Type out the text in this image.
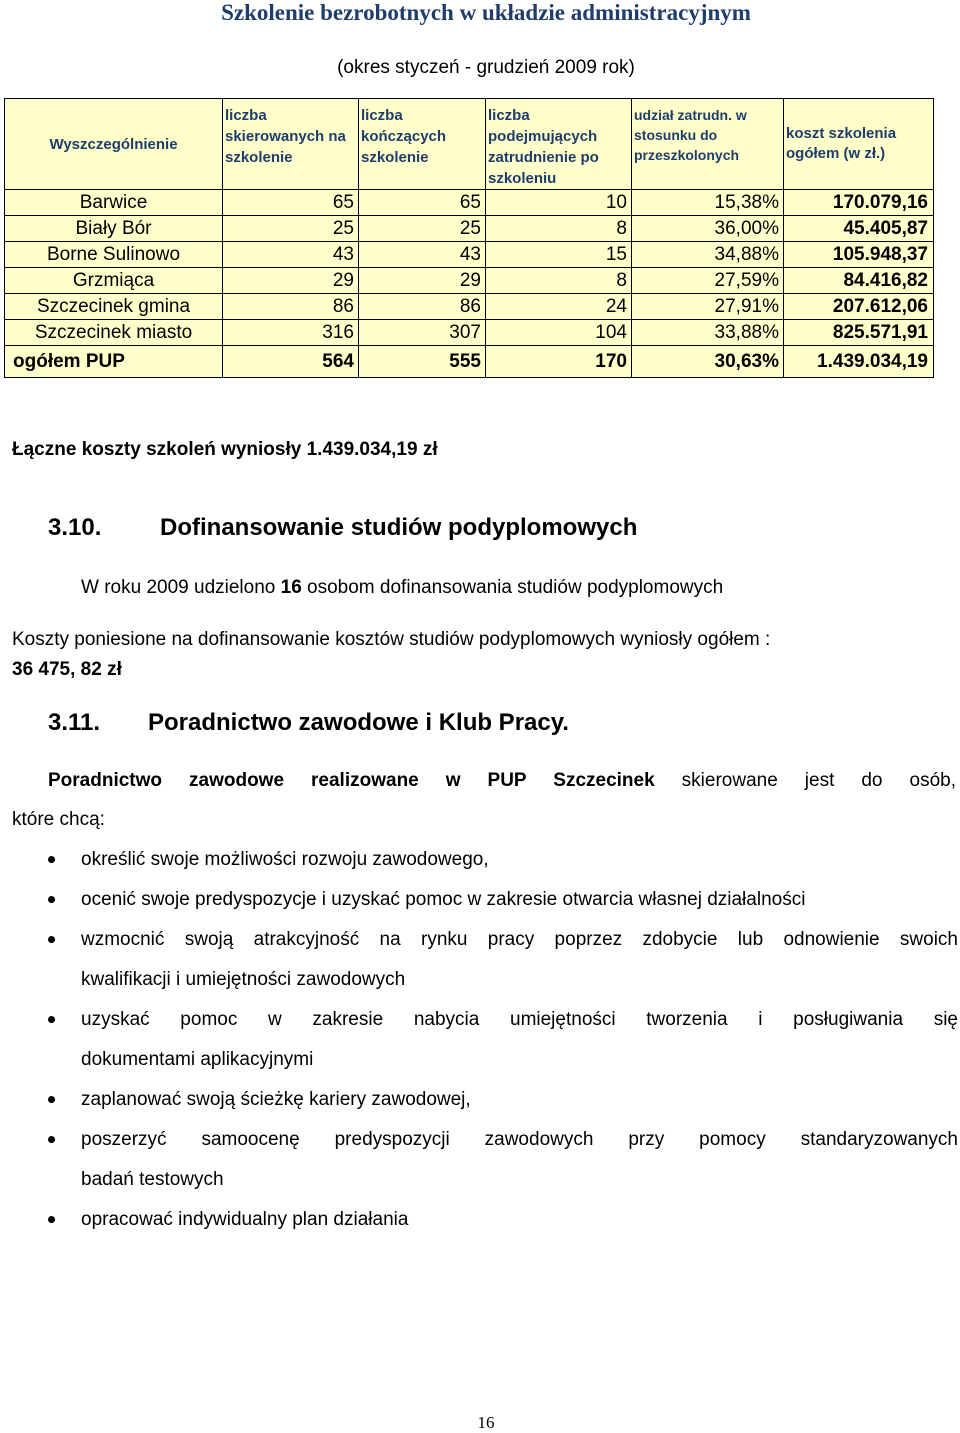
Szkolenie bezrobotnych w układzie administracyjnym
(okres styczeń - grudzień 2009 rok)
Wyszczególnienie	liczba skierowanych na szkolenie	liczba kończących szkolenie	liczba podejmujących zatrudnienie po szkoleniu	udział zatrudn. w stosunku do przeszkolonych	koszt szkolenia ogółem (w zł.)
Barwice	65	65	10	15,38%	170.079,16
Biały Bór	25	25	8	36,00%	45.405,87
Borne Sulinowo	43	43	15	34,88%	105.948,37
Grzmiąca	29	29	8	27,59%	84.416,82
Szczecinek gmina	86	86	24	27,91%	207.612,06
Szczecinek miasto	316	307	104	33,88%	825.571,91
ogółem PUP	564	555	170	30,63%	1.439.034,19
Łączne koszty szkoleń wyniosły 1.439.034,19 zł
3.10. Dofinansowanie studiów podyplomowych
W roku 2009 udzielono 16 osobom dofinansowania studiów podyplomowych
Koszty poniesione na dofinansowanie kosztów studiów podyplomowych wyniosły ogółem :
36 475, 82 zł
3.11. Poradnictwo zawodowe i Klub Pracy.
Poradnictwo zawodowe realizowane w PUP Szczecinek skierowane jest do osób,
które chcą:
określić swoje możliwości rozwoju zawodowego,
ocenić swoje predyspozycje i uzyskać pomoc w zakresie otwarcia własnej działalności
wzmocnić swoją atrakcyjność na rynku pracy poprzez zdobycie lub odnowienie swoich
kwalifikacji i umiejętności zawodowych
uzyskać pomoc w zakresie nabycia umiejętności tworzenia i posługiwania się
dokumentami aplikacyjnymi
zaplanować swoją ścieżkę kariery zawodowej,
poszerzyć samoocenę predyspozycji zawodowych przy pomocy standaryzowanych
badań testowych
opracować indywidualny plan działania
16
